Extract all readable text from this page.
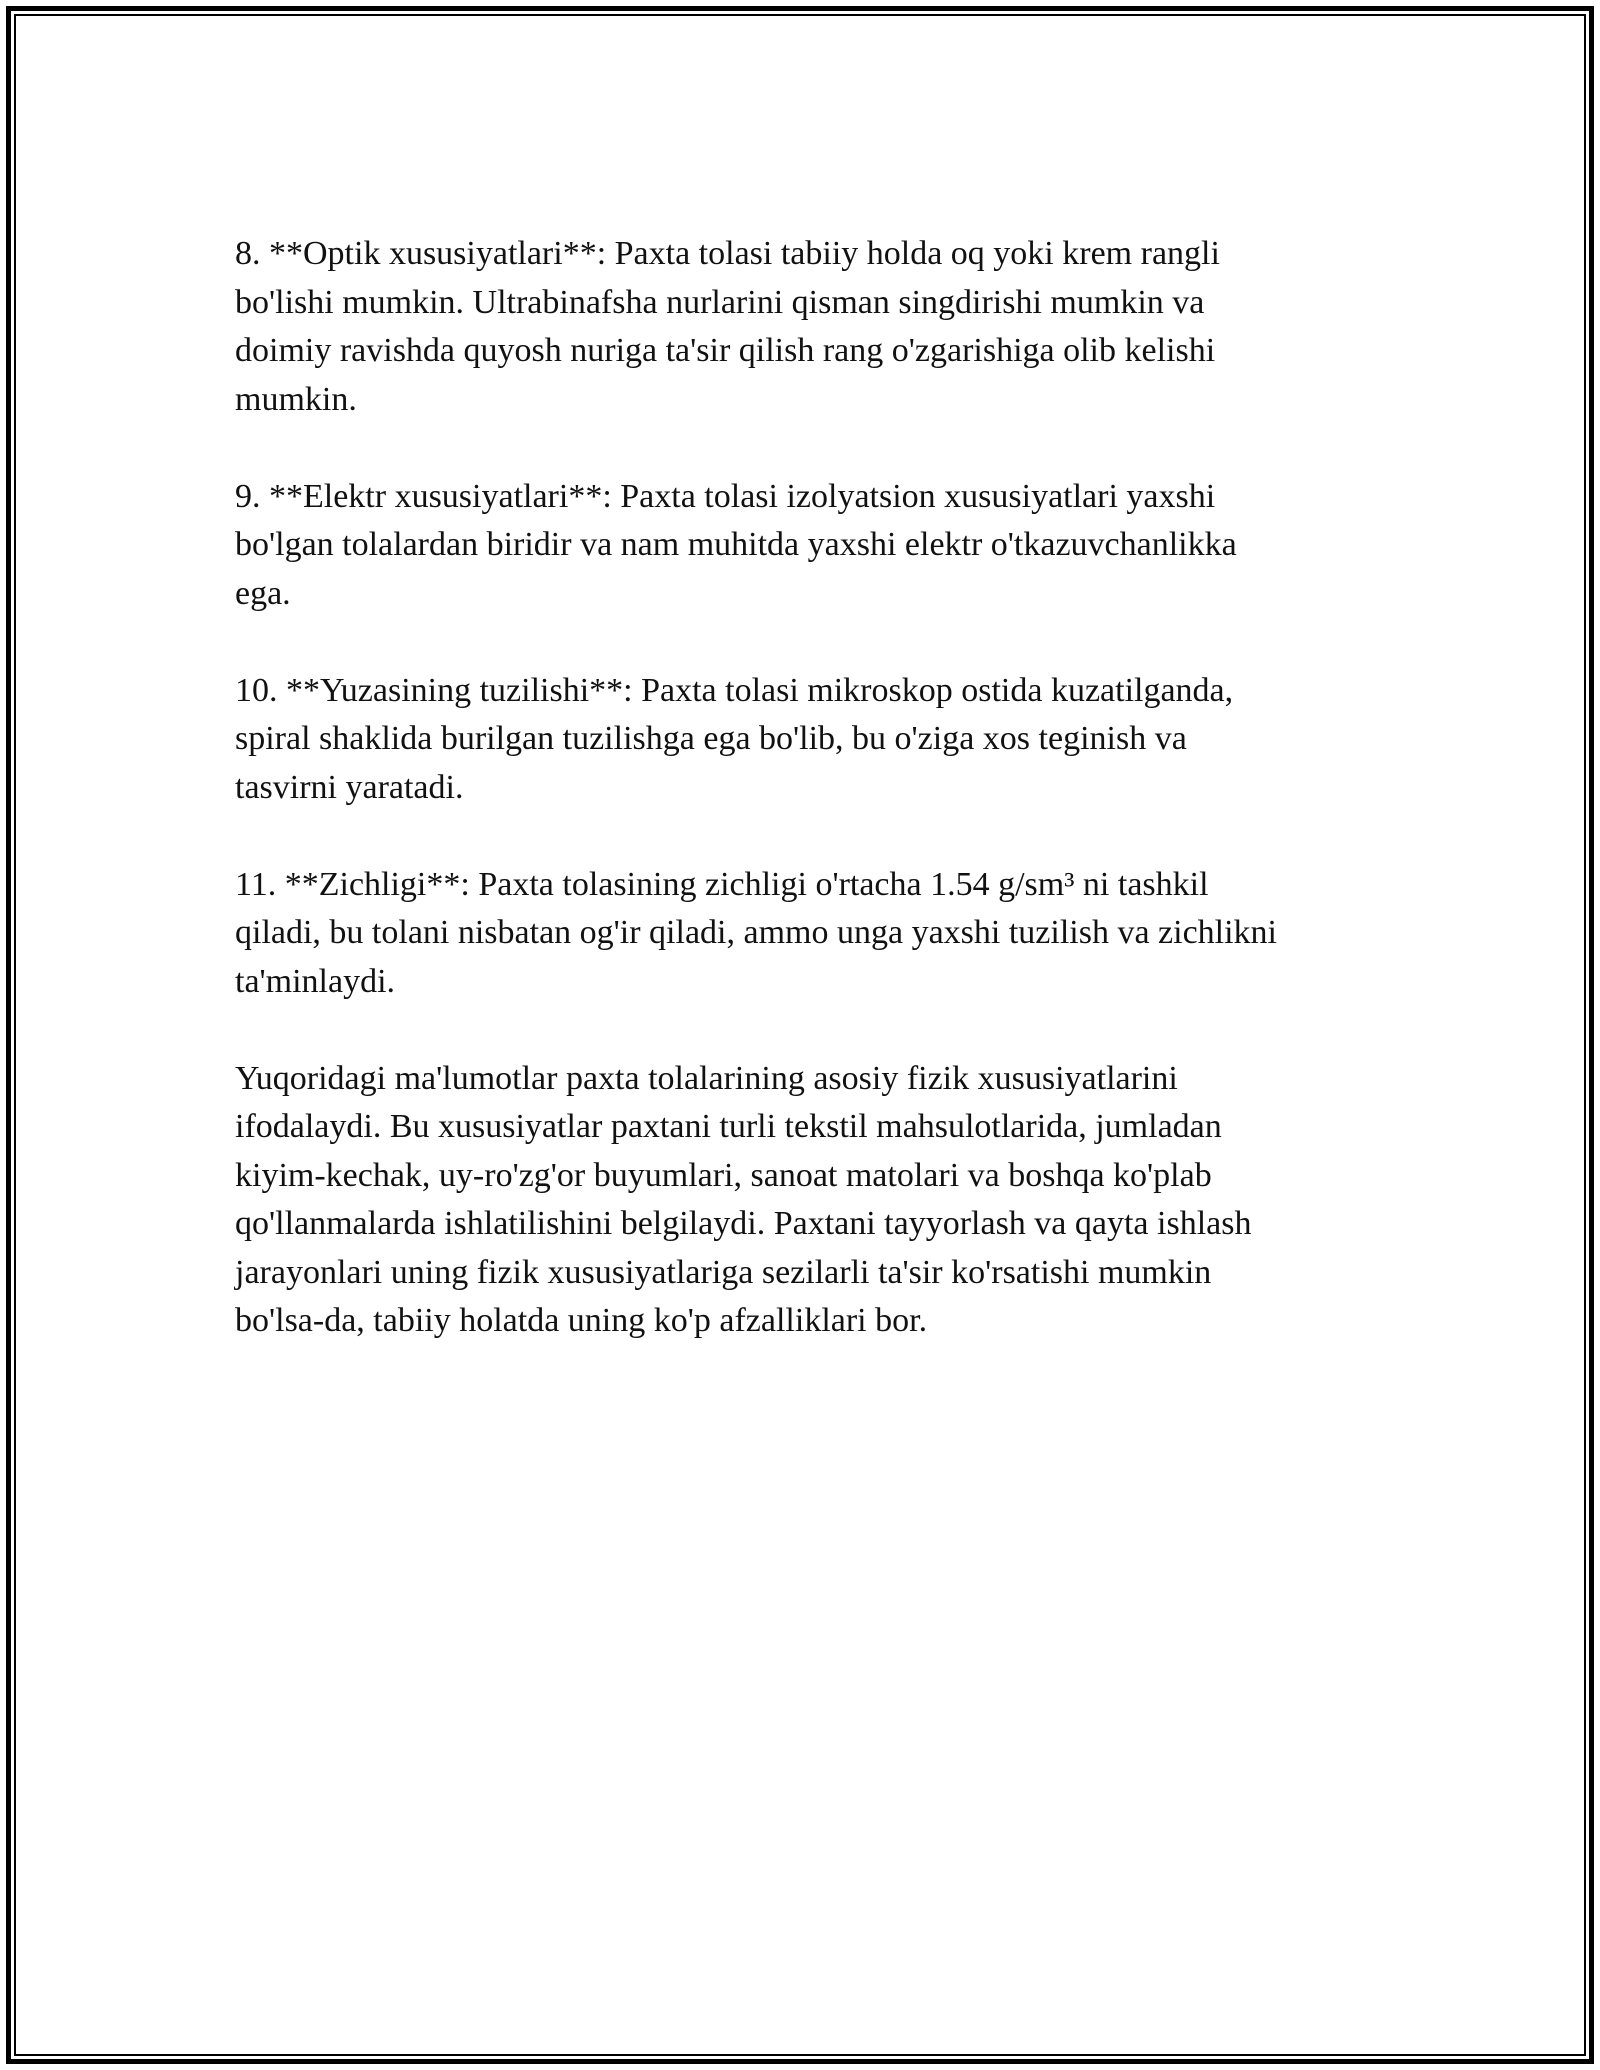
8. **Optik xususiyatlari**: Paxta tolasi tabiiy holda oq yoki krem rangli
bo'lishi mumkin. Ultrabinafsha nurlarini qisman singdirishi mumkin va
doimiy ravishda quyosh nuriga ta'sir qilish rang o'zgarishiga olib kelishi
mumkin.

9. **Elektr xususiyatlari**: Paxta tolasi izolyatsion xususiyatlari yaxshi
bo'lgan tolalardan biridir va nam muhitda yaxshi elektr o'tkazuvchanlikka
ega.

10. **Yuzasining tuzilishi**: Paxta tolasi mikroskop ostida kuzatilganda,
spiral shaklida burilgan tuzilishga ega bo'lib, bu o'ziga xos teginish va
tasvirni yaratadi.

11. **Zichligi**: Paxta tolasining zichligi o'rtacha 1.54 g/sm³ ni tashkil
qiladi, bu tolani nisbatan og'ir qiladi, ammo unga yaxshi tuzilish va zichlikni
ta'minlaydi.

Yuqoridagi ma'lumotlar paxta tolalarining asosiy fizik xususiyatlarini
ifodalaydi. Bu xususiyatlar paxtani turli tekstil mahsulotlarida, jumladan
kiyim-kechak, uy-ro'zg'or buyumlari, sanoat matolari va boshqa ko'plab
qo'llanmalarda ishlatilishini belgilaydi. Paxtani tayyorlash va qayta ishlash
jarayonlari uning fizik xususiyatlariga sezilarli ta'sir ko'rsatishi mumkin
bo'lsa-da, tabiiy holatda uning ko'p afzalliklari bor.
